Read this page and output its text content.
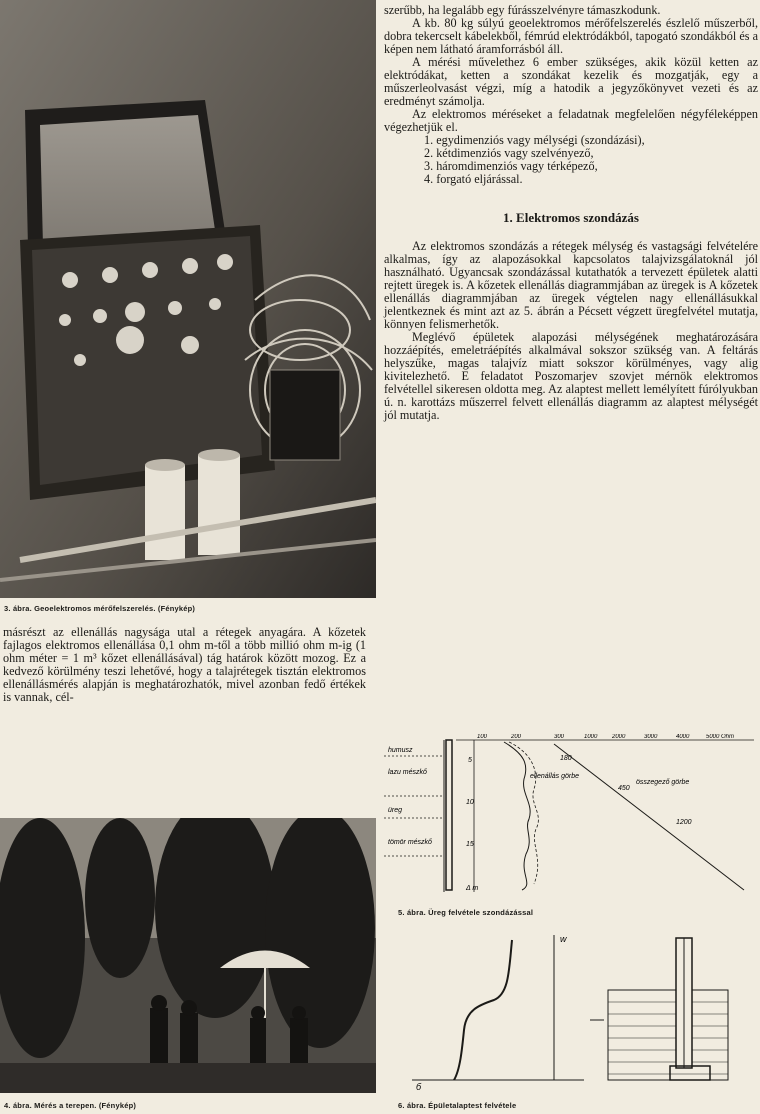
3. ábra. Geoelektromos mérőfelszerelés. (Fénykép)

másrészt az ellenállás nagysága utal a rétegek anyagára. A kőzetek fajlagos elektromos ellenállása 0,1 ohm m-től a több millió ohm m-ig (1 ohm méter = 1 m³ kőzet ellenállásával) tág határok között mozog. Ez a kedvező körülmény teszi lehetővé, hogy a talajrétegek tisztán elektromos ellenállásmérés alapján is meghatározhatók, mivel azonban fedő értékek is vannak, cél-

4. ábra. Mérés a terepen. (Fénykép)

szerűbb, ha legalább egy fúrásszelvényre támaszkodunk.

A kb. 80 kg súlyú geoelektromos mérőfelszerelés észlelő műszerből, dobra tekercselt kábelekből, fémrúd elektródákból, tapogató szondákból és a képen nem látható áramforrásból áll.

A mérési művelethez 6 ember szükséges, akik közül ketten az elektródákat, ketten a szondákat kezelik és mozgatják, egy a műszerleolvasást végzi, míg a hatodik a jegyzőkönyvet vezeti és az eredményt számolja.

Az elektromos méréseket a feladatnak megfelelően négyféleképpen végezhetjük el.

1. egydimenziós vagy mélységi (szondázási),
2. kétdimenziós vagy szelvényező,
3. háromdimenziós vagy térképező,
4. forgató eljárással.
1. Elektromos szondázás

Az elektromos szondázás a rétegek mélység és vastagsági felvételére alkalmas, így az alapozásokkal kapcsolatos talajvizsgálatoknál jól használható. Ugyancsak szondázással kutathatók a tervezett épületek alatti rejtett üregek is. A kőzetek ellenállás diagrammjában az üregek is A kőzetek ellenállás diagrammjában az üregek végtelen nagy ellenállásukkal jelentkeznek és mint azt az 5. ábrán a Pécsett végzett üregfelvétel mutatja, könnyen felismerhetők.

Meglévő épületek alapozási mélységének meghatározására hozzáépítés, emeletráépítés alkalmával sokszor szükség van. A feltárás helyszűke, magas talajvíz miatt sokszor körülményes, vagy alig kivitelezhető. E feladatot Poszomarjev szovjet mérnök elektromos felvétellel sikeresen oldotta meg. Az alaptest mellett lemélyített fúrólyukban ú. n. karottázs műszerrel felvett ellenállás diagramm az alaptest mélységét jól mutatja.

humusz
lazu mészkő
üreg
tömör mészkő
100	200	300	1000 2000	3000	4000	5000 Ohm
5
10
15
Δ m
ellenállás görbe
összegező görbe
180
450
1200
5. ábra. Üreg felvétele szondázással
w
б
6. ábra. Épületalaptest felvétele
